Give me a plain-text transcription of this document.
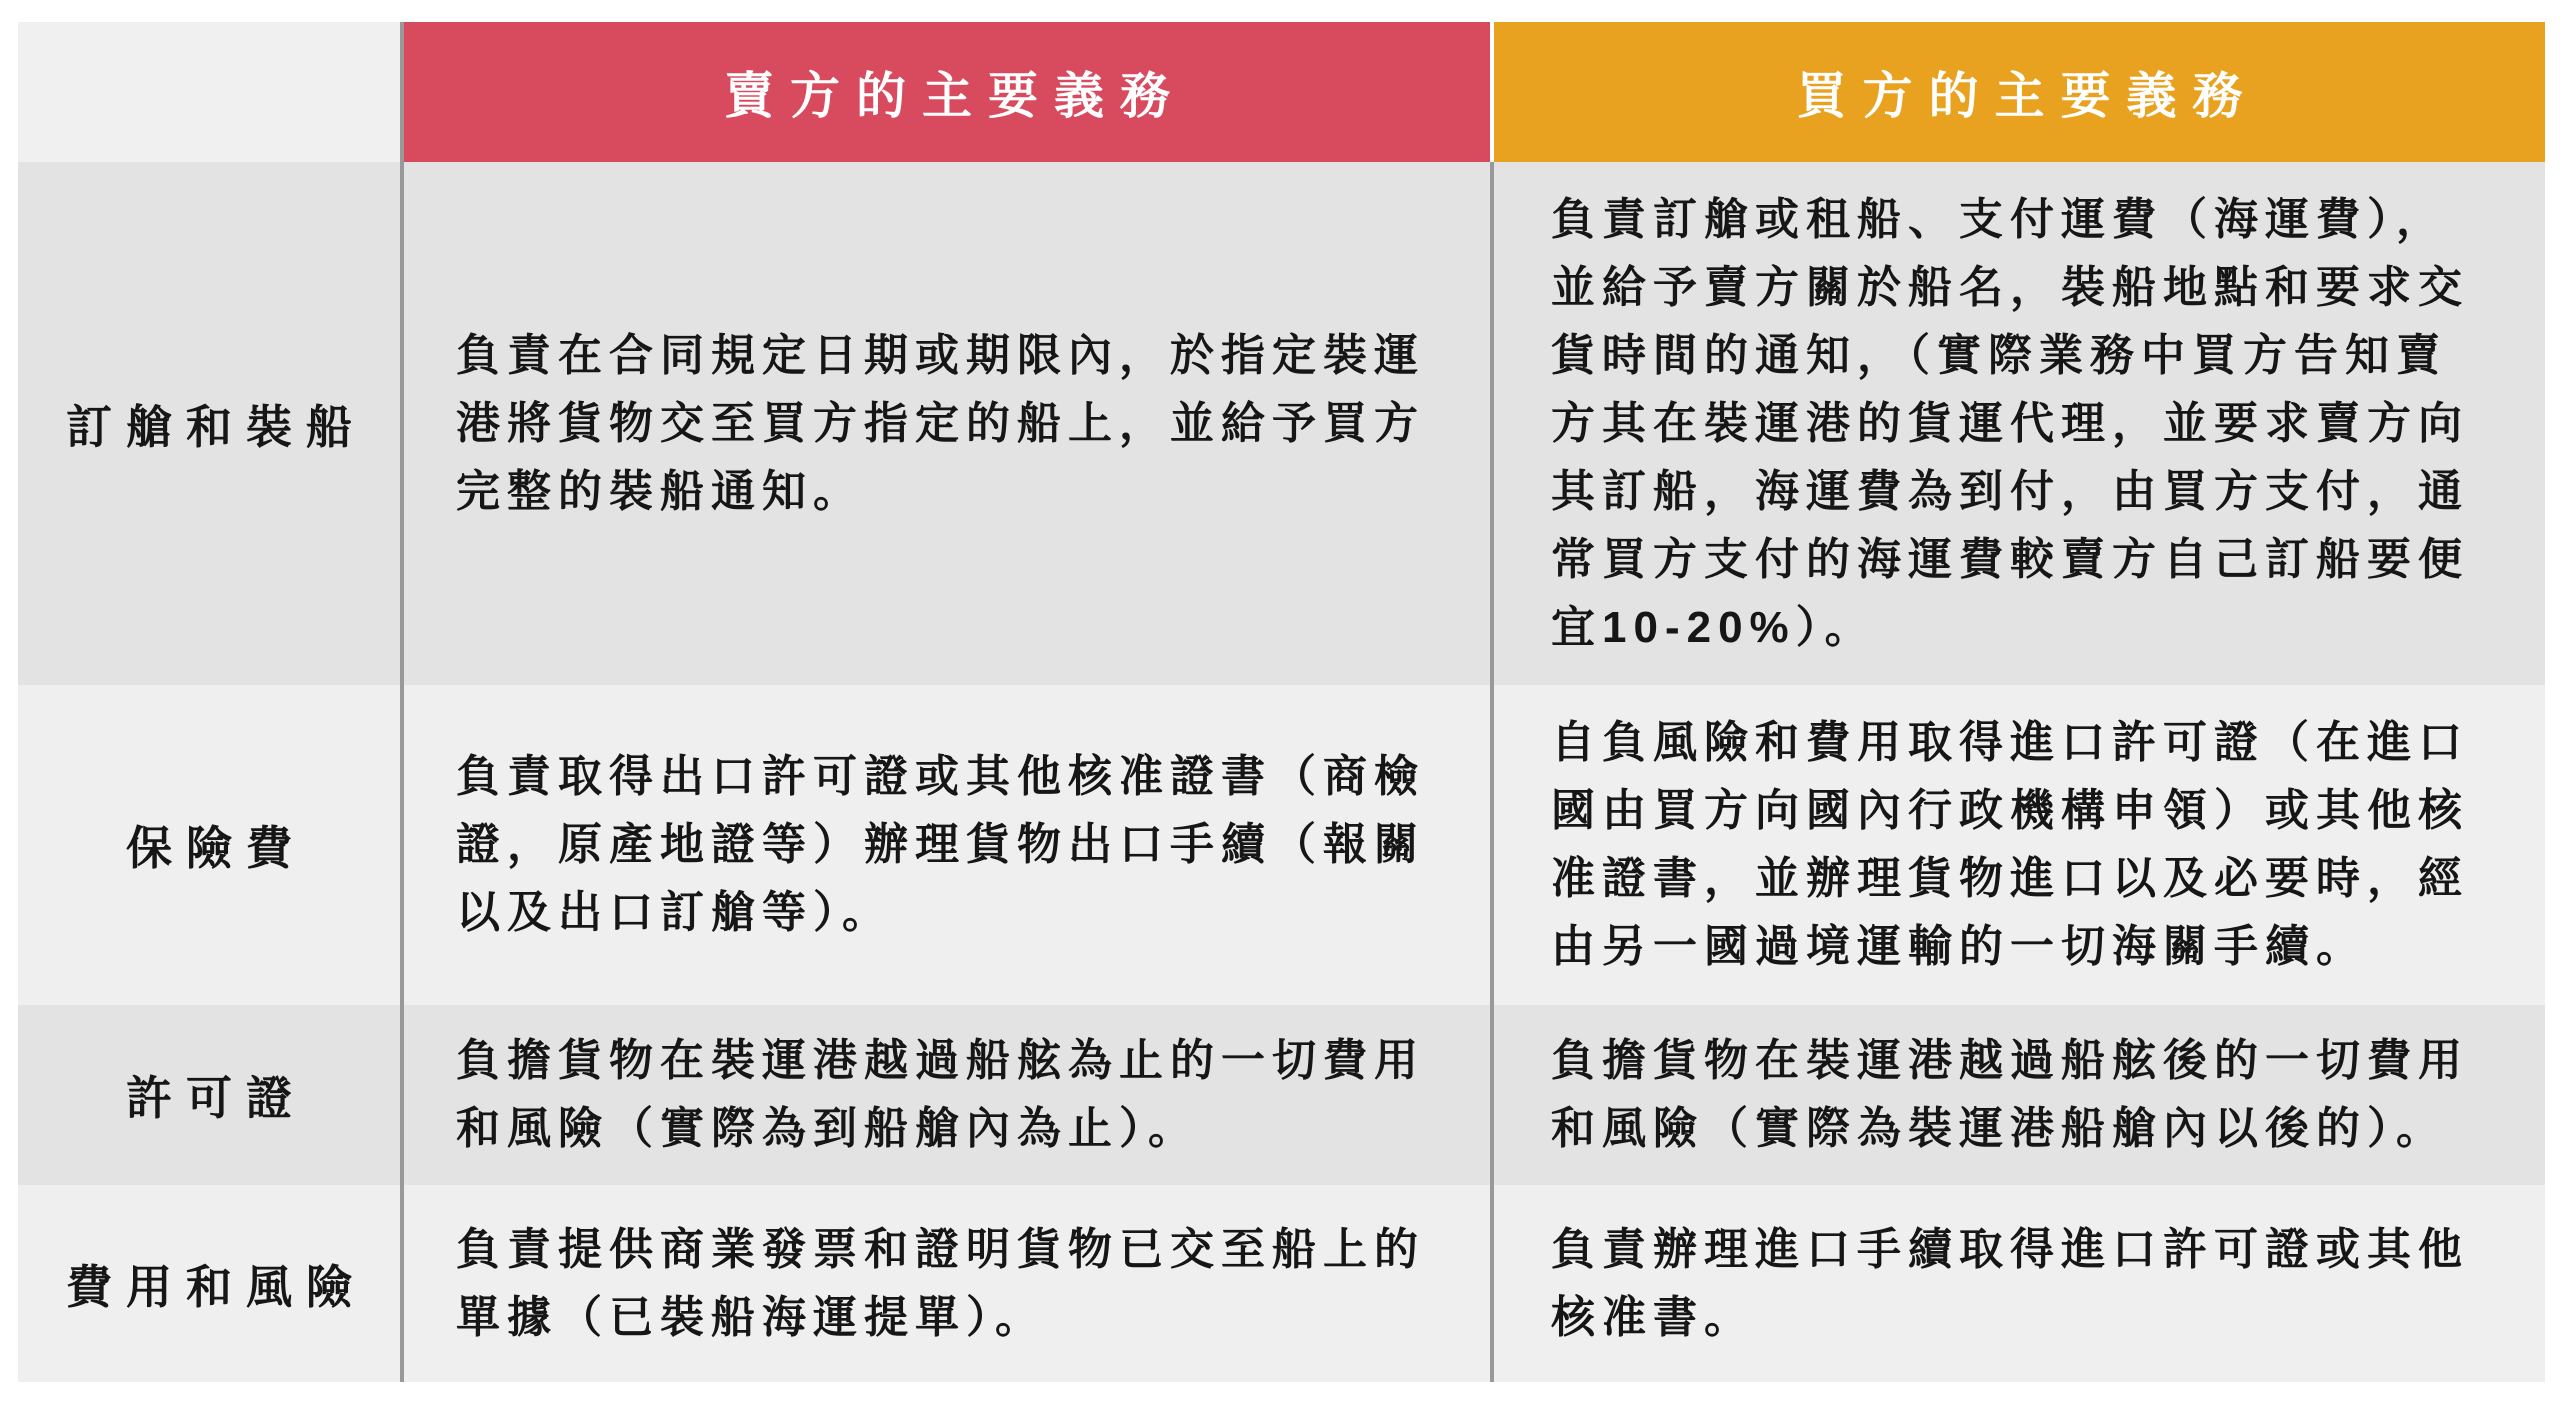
賣方的主要義務	買方的主要義務
訂艙和裝船

負責在合同規定日期或期限內，於指定裝運港將貨物交至買方指定的船上，並給予買方完整的裝船通知。

負責訂艙或租船、支付運費（海運費），並給予賣方關於船名，裝船地點和要求交貨時間的通知，（實際業務中買方告知賣方其在裝運港的貨運代理，並要求賣方向其訂船，海運費為到付，由買方支付，通常買方支付的海運費較賣方自己訂船要便宜10-20%）。

保險費

負責取得出口許可證或其他核准證書（商檢證，原產地證等）辦理貨物出口手續（報關以及出口訂艙等）。

自負風險和費用取得進口許可證（在進口國由買方向國內行政機構申領）或其他核准證書，並辦理貨物進口以及必要時，經由另一國過境運輸的一切海關手續。

許可證

負擔貨物在裝運港越過船舷為止的一切費用和風險（實際為到船艙內為止）。

負擔貨物在裝運港越過船舷後的一切費用和風險（實際為裝運港船艙內以後的）。

費用和風險

負責提供商業發票和證明貨物已交至船上的單據（已裝船海運提單）。

負責辦理進口手續取得進口許可證或其他核准書。
